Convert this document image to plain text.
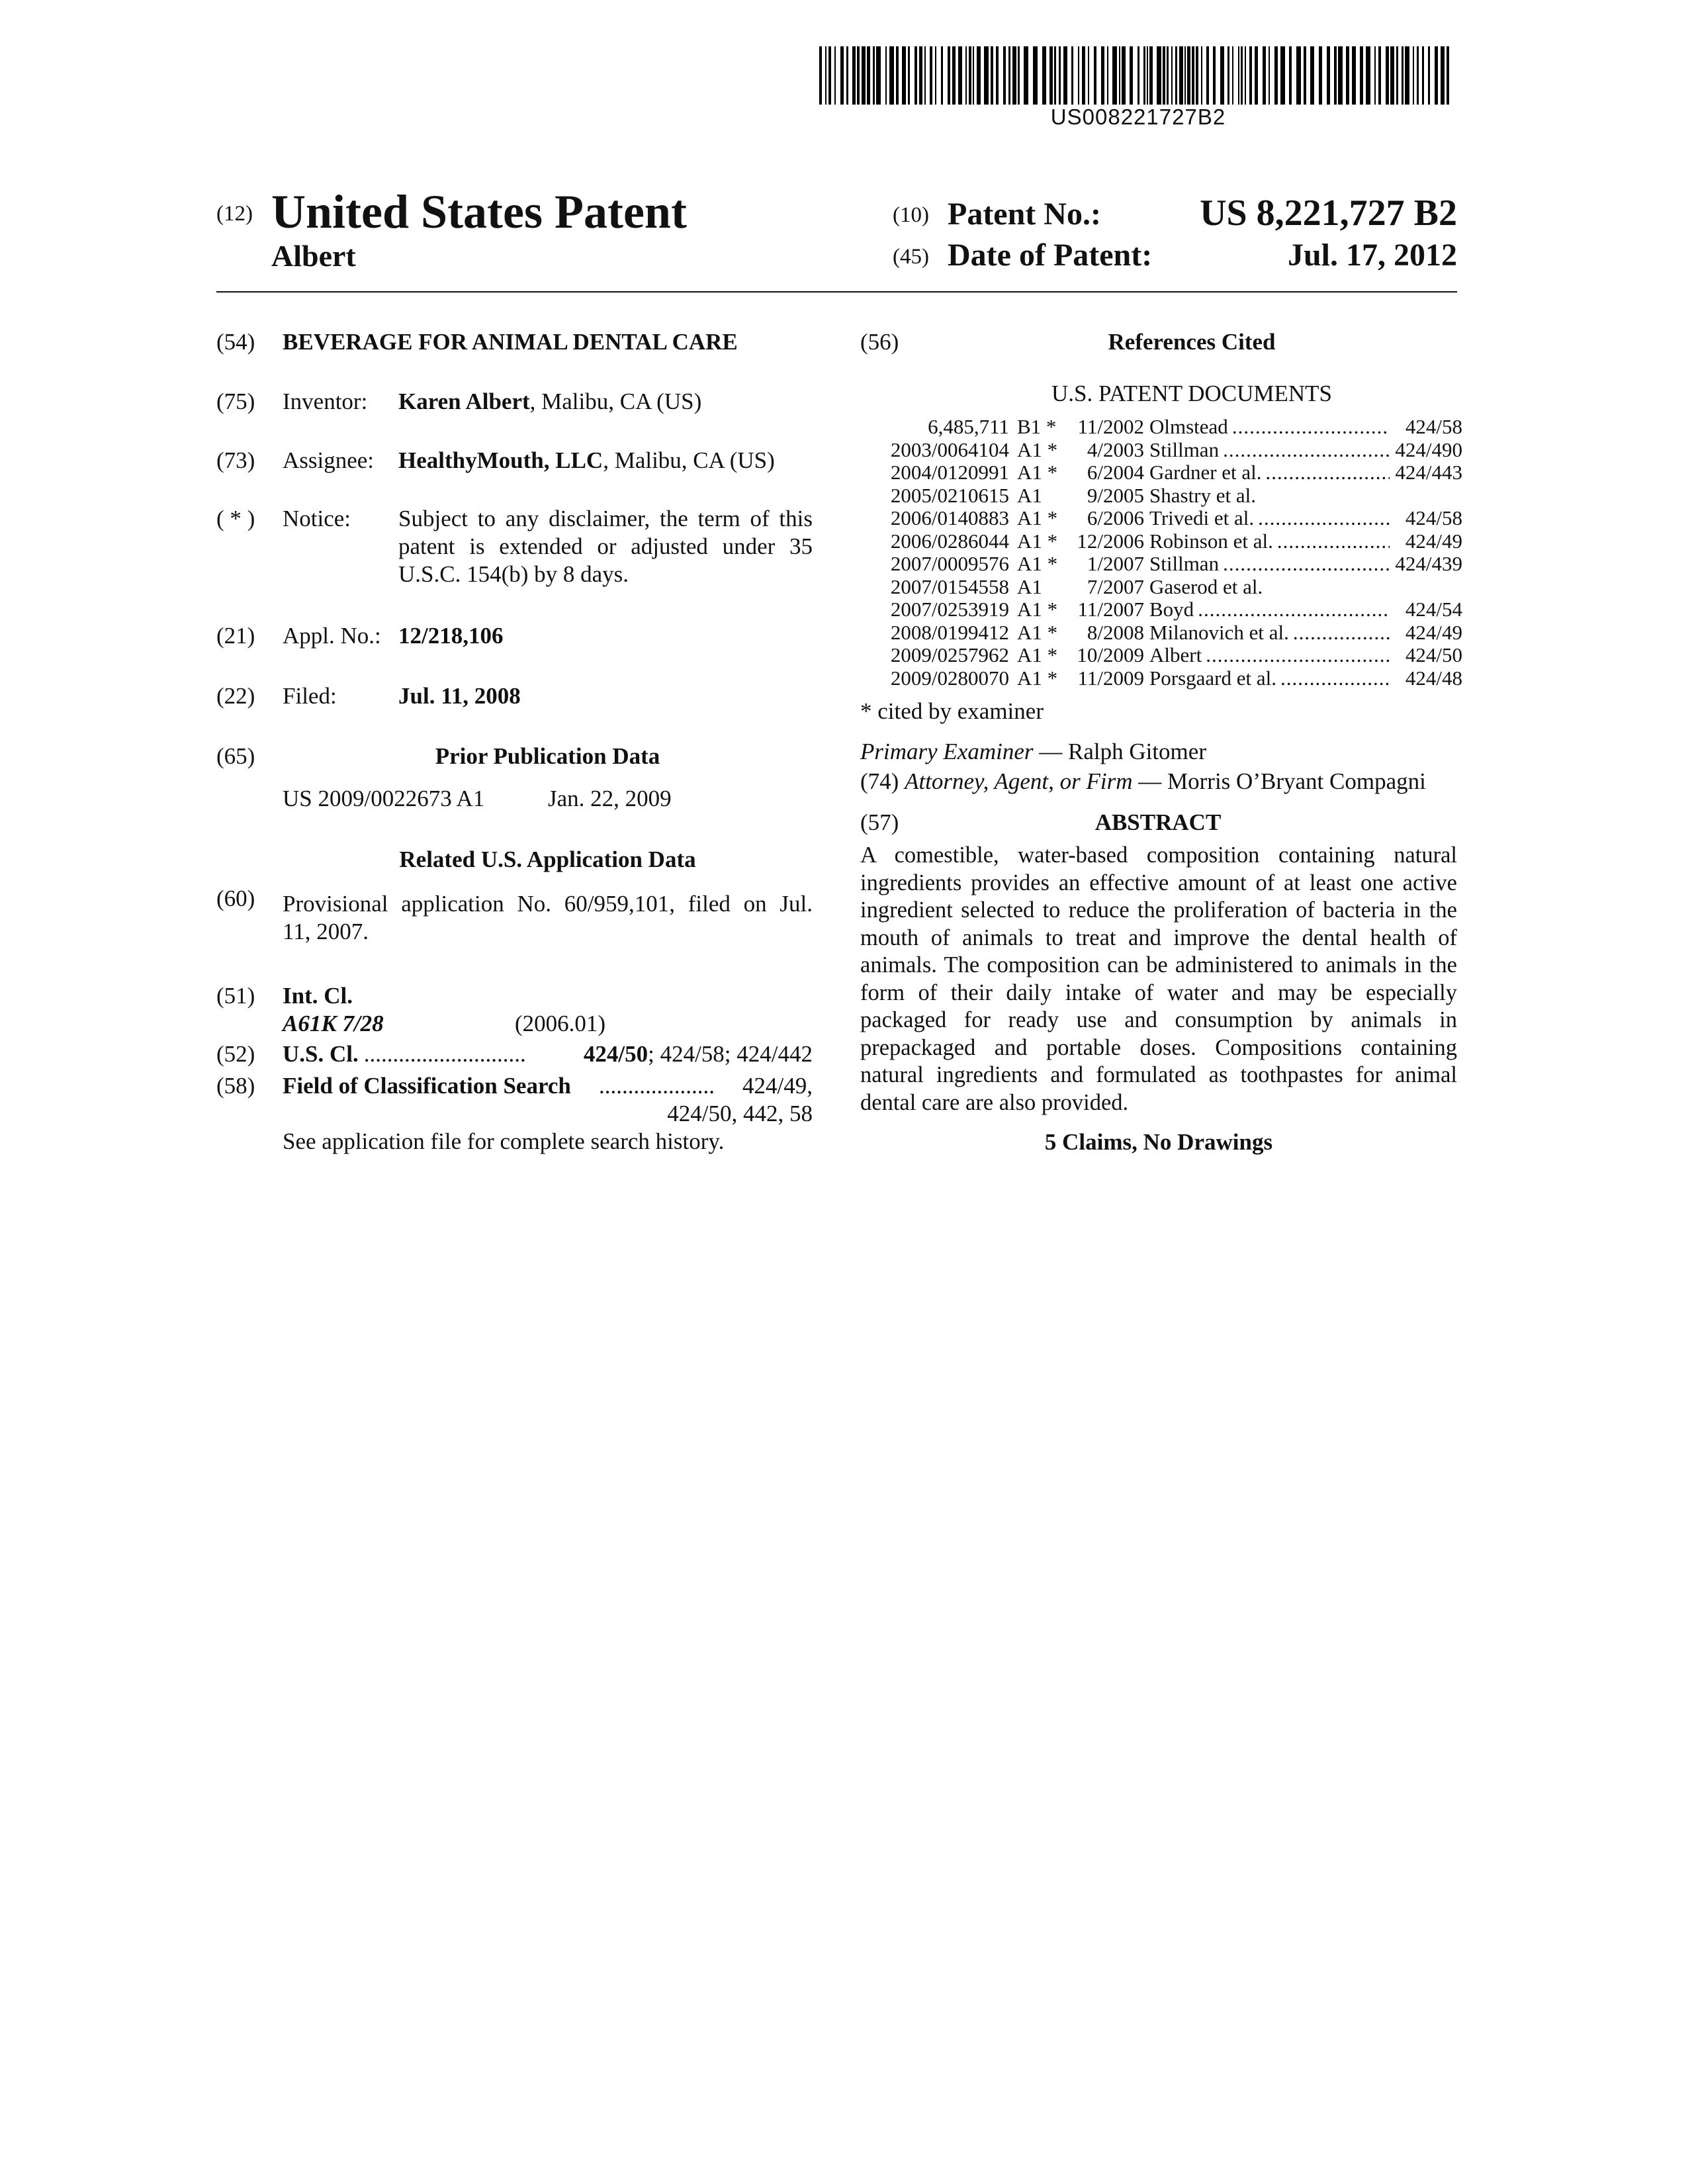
US008221727B2
(12) United States Patent
Albert
(10) Patent No.:	US 8,221,727 B2
(45) Date of Patent:	Jul. 17, 2012
(54) BEVERAGE FOR ANIMAL DENTAL CARE
(75) Inventor: Karen Albert, Malibu, CA (US)
(73) Assignee: HealthyMouth, LLC, Malibu, CA (US)
( * ) Notice: Subject to any disclaimer, the term of this
patent is extended or adjusted under 35
U.S.C. 154(b) by 8 days.
(21) Appl. No.: 12/218,106
(22) Filed:	Jul. 11, 2008
(65)	Prior Publication Data
US 2009/0022673 A1	Jan. 22, 2009
Related U.S. Application Data
(60) Provisional application No. 60/959,101, filed on Jul.
11, 2007.
(51) Int. Cl.
A61K 7/28	(2006.01)
(52) U.S. Cl. ............................	424/50 ; 424/58; 424/442
(58) Field of Classification Search	....................	424/49,
424/50, 442, 58
See application file for complete search history.
(56)	References Cited
U.S. PATENT DOCUMENTS
6,485,711 B1 *	11/2002 Olmstead .....	424/58
2003/0064104 A1 *	4/2003 Stillman .....	424/490
2004/0120991 A1 *	6/2004 Gardner et al. .....	424/443
2005/0210615 A1	9/2005 Shastry et al.
2006/0140883 A1 *	6/2006 Trivedi et al. .....	424/58
2006/0286044 A1 * 12/2006 Robinson et al. .....	424/49
2007/0009576 A1 *	1/2007 Stillman .....	424/439
2007/0154558 A1	7/2007 Gaserod et al.
2007/0253919 A1 * 11/2007 Boyd .....	424/54
2008/0199412 A1 *	8/2008 Milanovich et al. .....	424/49
2009/0257962 A1 * 10/2009 Albert .....	424/50
2009/0280070 A1 * 11/2009 Porsgaard et al. .....	424/48
* cited by examiner
Primary Examiner — Ralph Gitomer
(74) Attorney, Agent, or Firm — Morris O’Bryant Compagni
(57)	ABSTRACT
A comestible, water-based composition containing natural ingredients provides an effective amount of at least one active ingredient selected to reduce the proliferation of bacteria in the mouth of animals to treat and improve the dental health of animals. The composition can be administered to animals in the form of their daily intake of water and may be especially packaged for ready use and consumption by animals in prepackaged and portable doses. Compositions containing natural ingredients and formulated as toothpastes for animal dental care are also provided.
5 Claims, No Drawings
